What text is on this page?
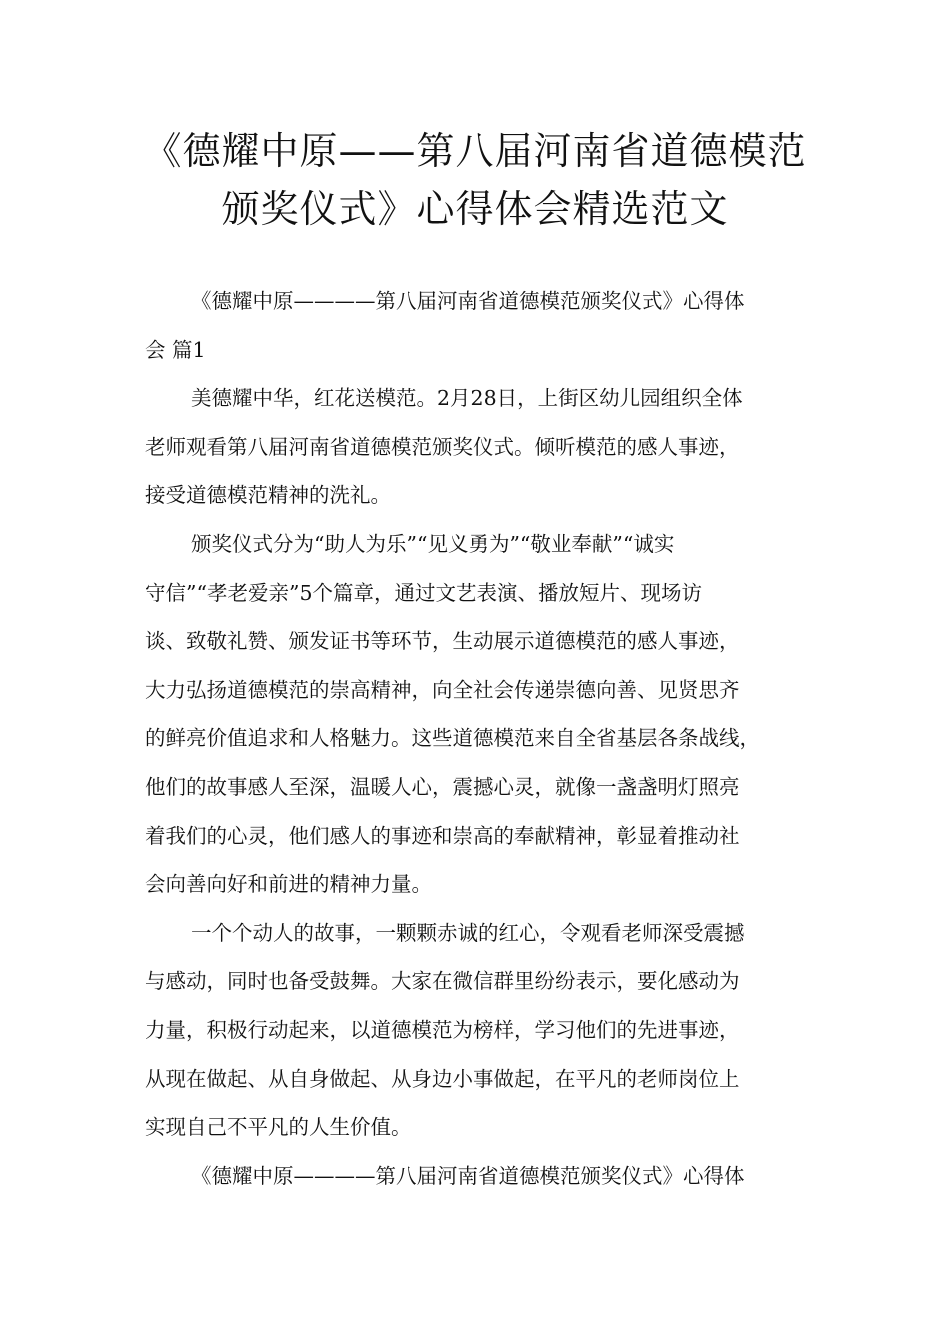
《德耀中原——第八届河南省道德模范
颁奖仪式》心得体会精选范文
《德耀中原————第八届河南省道德模范颁奖仪式》心得体
会 篇1
美德耀中华，红花送模范。2月28日，上街区幼儿园组织全体
老师观看第八届河南省道德模范颁奖仪式。倾听模范的感人事迹，
接受道德模范精神的洗礼。
颁奖仪式分为“助人为乐”“见义勇为”“敬业奉献”“诚实
守信”“孝老爱亲”5个篇章，通过文艺表演、播放短片、现场访
谈、致敬礼赞、颁发证书等环节，生动展示道德模范的感人事迹，
大力弘扬道德模范的崇高精神，向全社会传递崇德向善、见贤思齐
的鲜亮价值追求和人格魅力。这些道德模范来自全省基层各条战线，
他们的故事感人至深，温暖人心，震撼心灵，就像一盏盏明灯照亮
着我们的心灵，他们感人的事迹和崇高的奉献精神，彰显着推动社
会向善向好和前进的精神力量。
一个个动人的故事，一颗颗赤诚的红心，令观看老师深受震撼
与感动，同时也备受鼓舞。大家在微信群里纷纷表示，要化感动为
力量，积极行动起来，以道德模范为榜样，学习他们的先进事迹，
从现在做起、从自身做起、从身边小事做起，在平凡的老师岗位上
实现自己不平凡的人生价值。
《德耀中原————第八届河南省道德模范颁奖仪式》心得体
